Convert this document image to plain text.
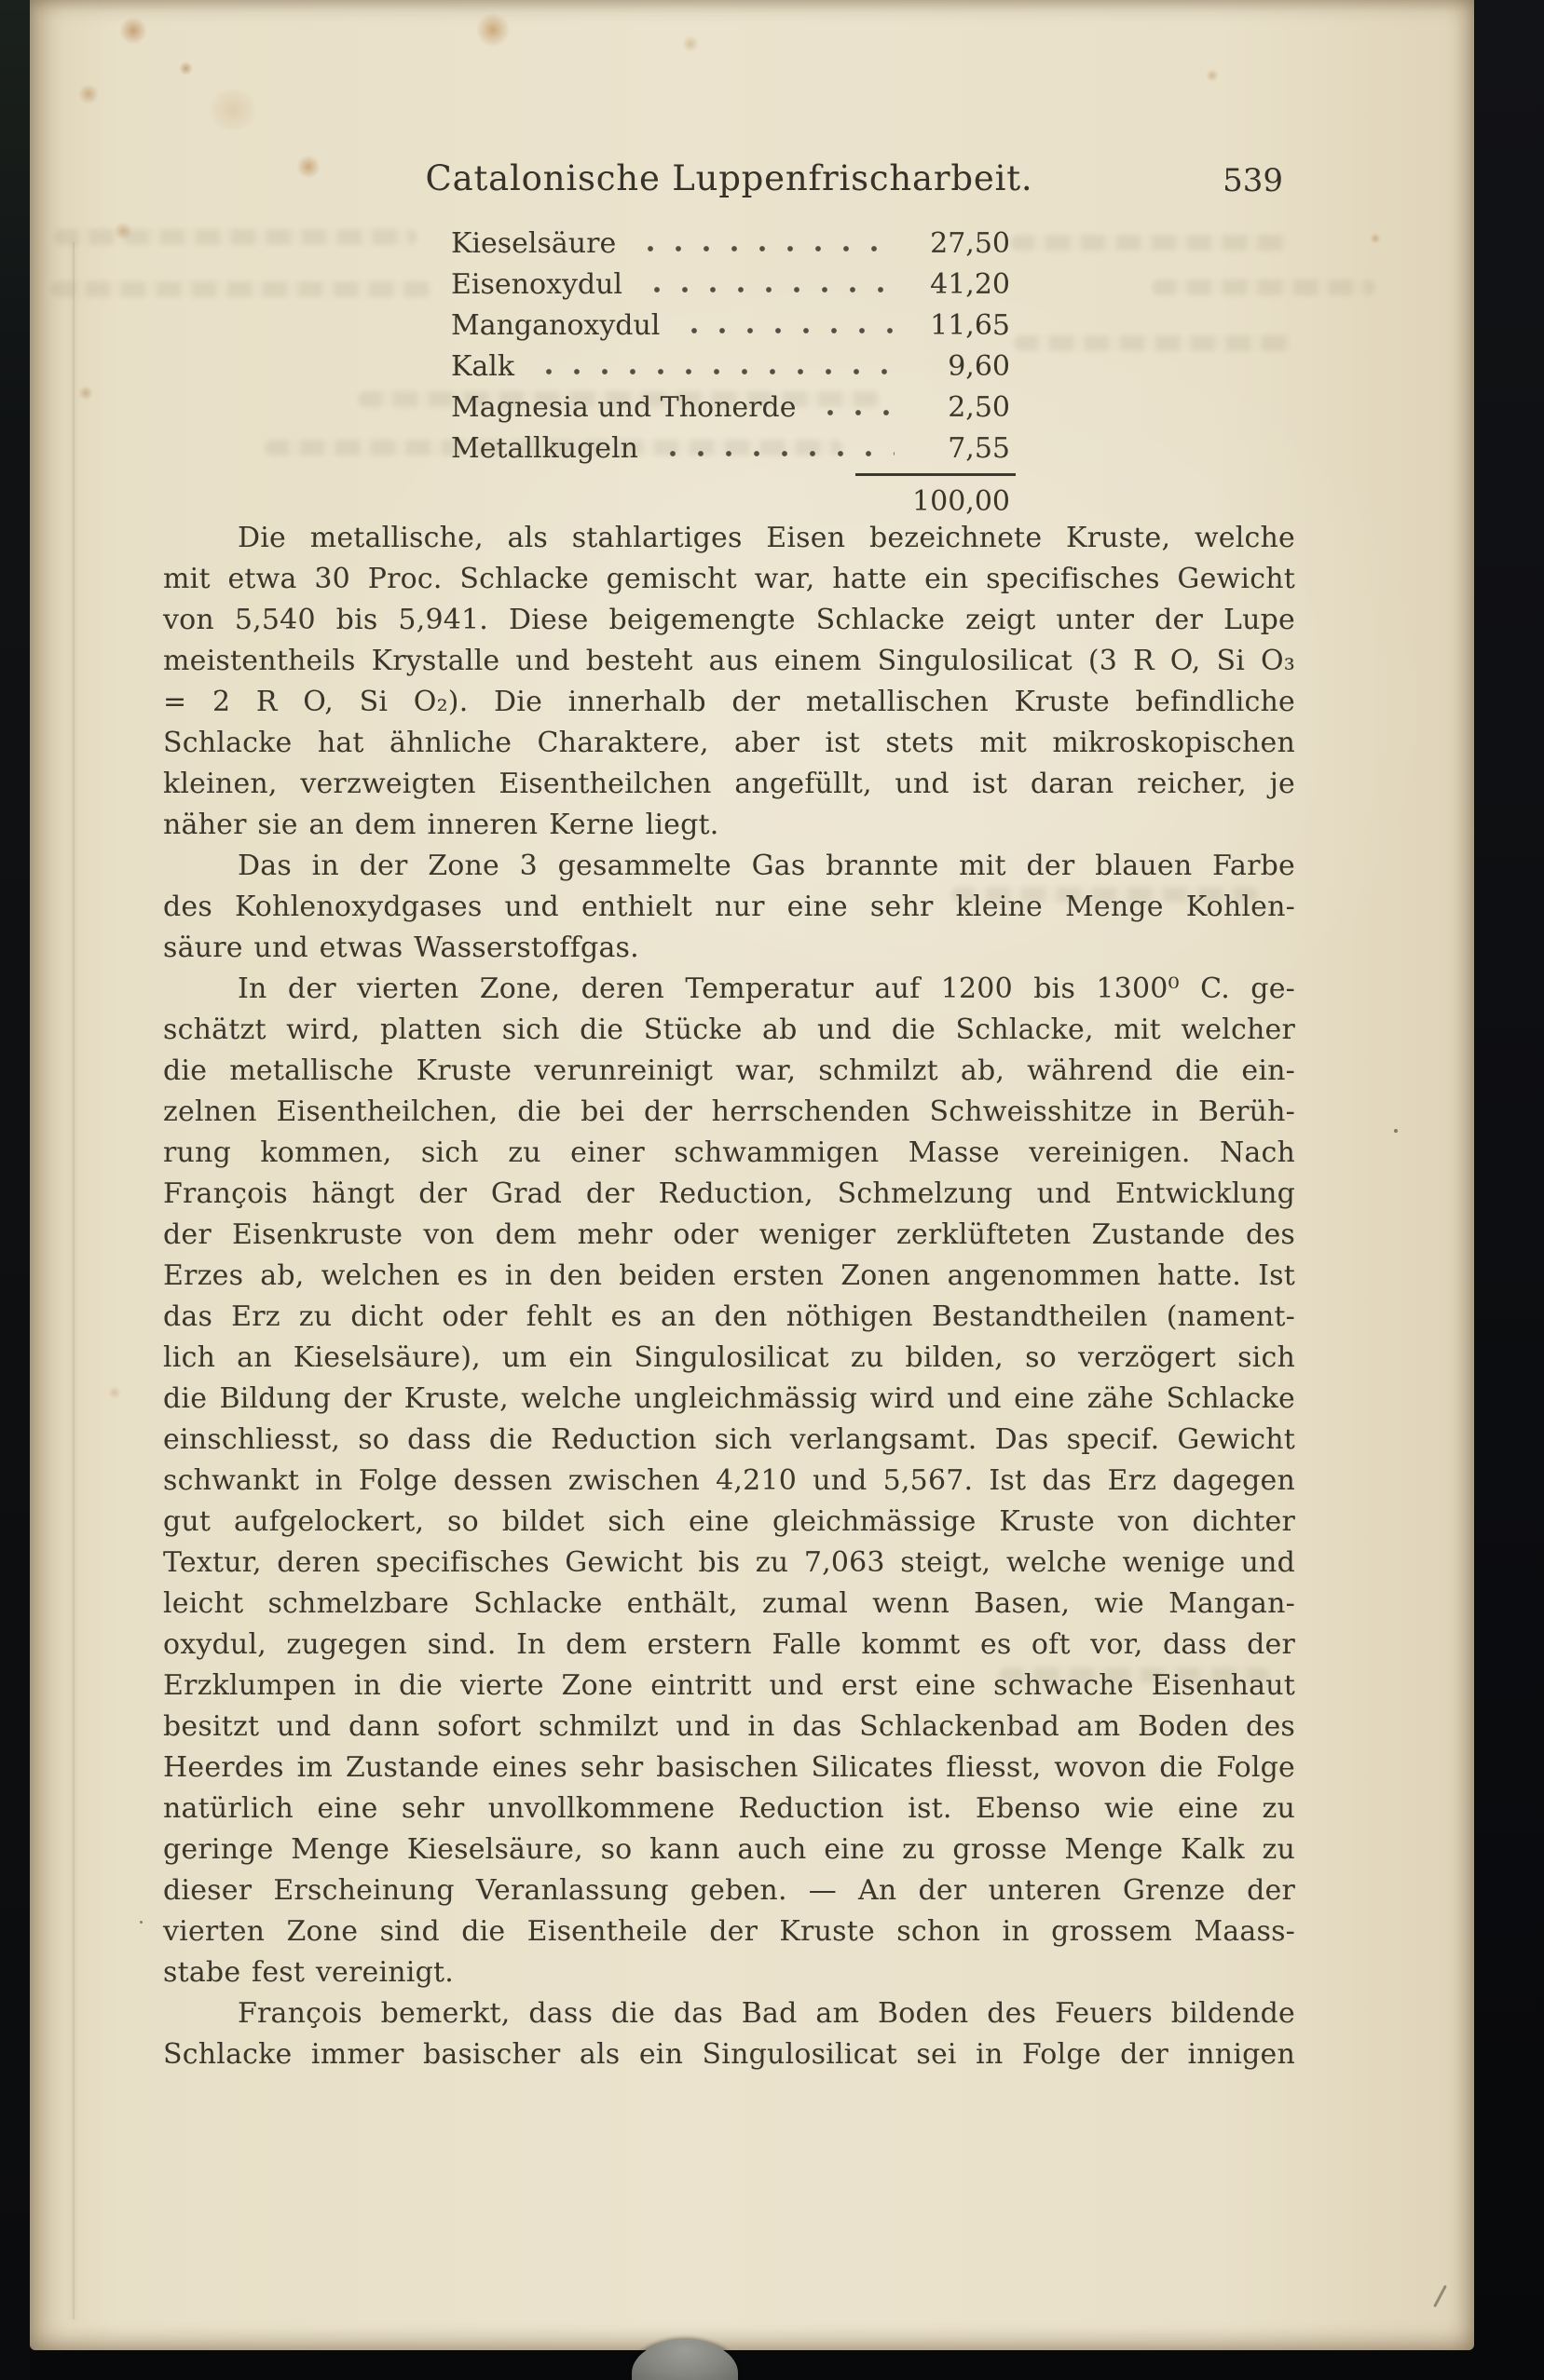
Catalonische Luppenfrischarbeit.	539
Kieselsäure	27,50
Eisenoxydul	41,20
Manganoxydul	11,65
Kalk	9,60
Magnesia und Thonerde	2,50
Metallkugeln	7,55
100,00
Die metallische, als stahlartiges Eisen bezeichnete Kruste, welche
mit etwa 30 Proc. Schlacke gemischt war, hatte ein specifisches Gewicht
von 5,540 bis 5,941. Diese beigemengte Schlacke zeigt unter der Lupe
meistentheils Krystalle und besteht aus einem Singulosilicat (3 R O, Si O₃
= 2 R O, Si O₂). Die innerhalb der metallischen Kruste befindliche
Schlacke hat ähnliche Charaktere, aber ist stets mit mikroskopischen
kleinen, verzweigten Eisentheilchen angefüllt, und ist daran reicher, je
näher sie an dem inneren Kerne liegt.
Das in der Zone 3 gesammelte Gas brannte mit der blauen Farbe
des Kohlenoxydgases und enthielt nur eine sehr kleine Menge Kohlen-
säure und etwas Wasserstoffgas.
In der vierten Zone, deren Temperatur auf 1200 bis 1300⁰ C. ge-
schätzt wird, platten sich die Stücke ab und die Schlacke, mit welcher
die metallische Kruste verunreinigt war, schmilzt ab, während die ein-
zelnen Eisentheilchen, die bei der herrschenden Schweisshitze in Berüh-
rung kommen, sich zu einer schwammigen Masse vereinigen. Nach
François hängt der Grad der Reduction, Schmelzung und Entwicklung
der Eisenkruste von dem mehr oder weniger zerklüfteten Zustande des
Erzes ab, welchen es in den beiden ersten Zonen angenommen hatte. Ist
das Erz zu dicht oder fehlt es an den nöthigen Bestandtheilen (nament-
lich an Kieselsäure), um ein Singulosilicat zu bilden, so verzögert sich
die Bildung der Kruste, welche ungleichmässig wird und eine zähe Schlacke
einschliesst, so dass die Reduction sich verlangsamt. Das specif. Gewicht
schwankt in Folge dessen zwischen 4,210 und 5,567. Ist das Erz dagegen
gut aufgelockert, so bildet sich eine gleichmässige Kruste von dichter
Textur, deren specifisches Gewicht bis zu 7,063 steigt, welche wenige und
leicht schmelzbare Schlacke enthält, zumal wenn Basen, wie Mangan-
oxydul, zugegen sind. In dem erstern Falle kommt es oft vor, dass der
Erzklumpen in die vierte Zone eintritt und erst eine schwache Eisenhaut
besitzt und dann sofort schmilzt und in das Schlackenbad am Boden des
Heerdes im Zustande eines sehr basischen Silicates fliesst, wovon die Folge
natürlich eine sehr unvollkommene Reduction ist. Ebenso wie eine zu
geringe Menge Kieselsäure, so kann auch eine zu grosse Menge Kalk zu
dieser Erscheinung Veranlassung geben. — An der unteren Grenze der
vierten Zone sind die Eisentheile der Kruste schon in grossem Maass-
stabe fest vereinigt.
François bemerkt, dass die das Bad am Boden des Feuers bildende
Schlacke immer basischer als ein Singulosilicat sei in Folge der innigen
